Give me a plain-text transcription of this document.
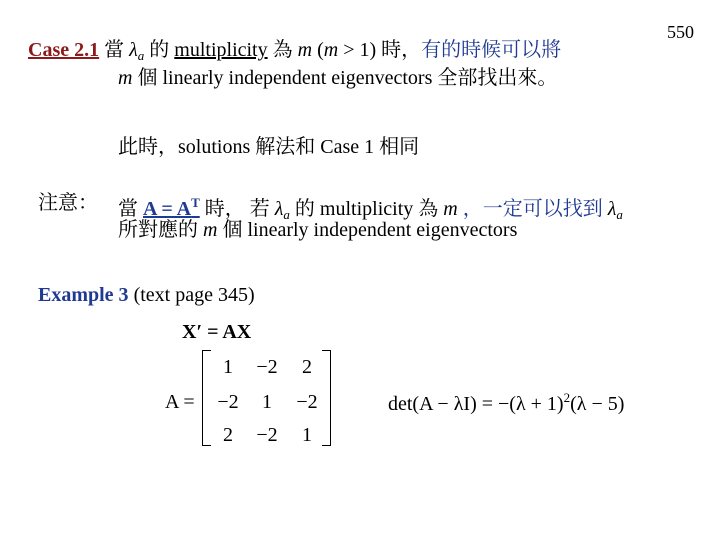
550
Case 2.1 當 $\lambda_a$ 的 multiplicity 為 m (m > 1) 時，有的時候可以將
m 個 linearly independent eigenvectors 全部找出來。
此時，solutions 解法和 Case 1 相同
注意： 當 $A = A^T$ 時， 若 $\lambda_a$ 的 multiplicity 為 m ，一定可以找到 $\lambda_a$
所對應的 m 個 linearly independent eigenvectors
Example 3 (text page 345)
X′ = AX
A =
1	−2	2
−2	1	−2
2	−2	1
$\det(A - \lambda I) = -(\lambda + 1)^2(\lambda - 5)$
